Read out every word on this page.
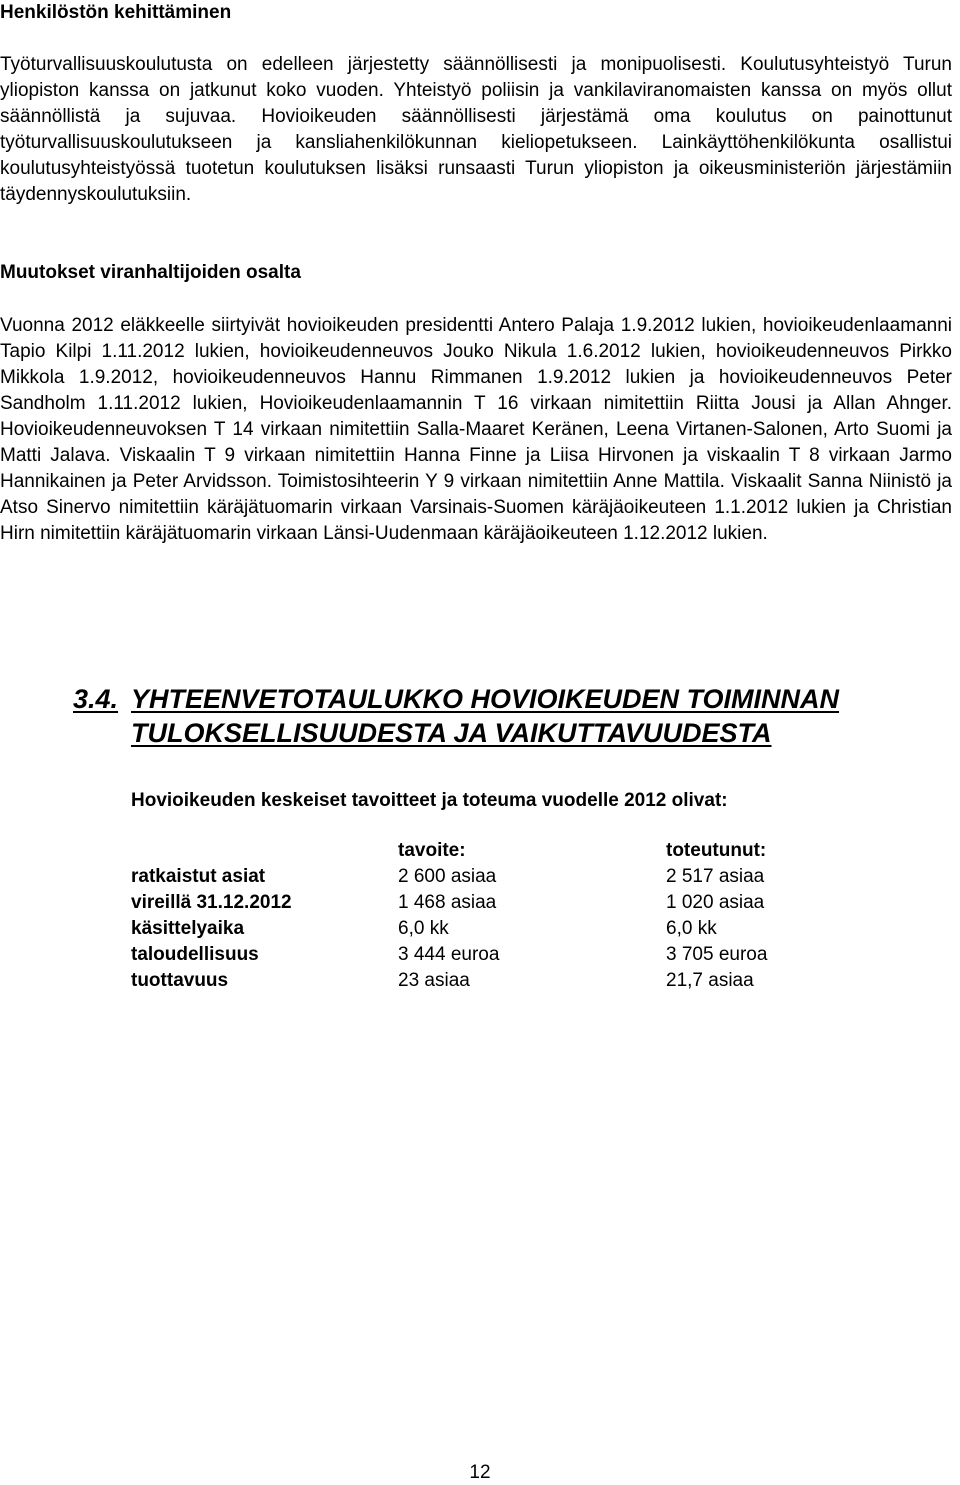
Henkilöstön kehittäminen

Työturvallisuuskoulutusta on edelleen järjestetty säännöllisesti ja monipuolisesti. Koulutusyhteistyö Turun yliopiston kanssa on jatkunut koko vuoden. Yhteistyö poliisin ja vankilaviranomaisten kanssa on myös ollut säännöllistä ja sujuvaa. Hovioikeuden säännöllisesti järjestämä oma koulutus on painottunut työturvallisuuskoulutukseen ja kansliahenkilökunnan kieliopetukseen. Lainkäyttöhenkilökunta osallistui koulutusyhteistyössä tuotetun koulutuksen lisäksi runsaasti Turun yliopiston ja oikeusministeriön järjestämiin täydennyskoulutuksiin.

Muutokset viranhaltijoiden osalta

Vuonna 2012 eläkkeelle siirtyivät hovioikeuden presidentti Antero Palaja 1.9.2012 lukien, hovioikeudenlaamanni Tapio Kilpi 1.11.2012 lukien, hovioikeudenneuvos Jouko Nikula 1.6.2012 lukien, hovioikeudenneuvos Pirkko Mikkola 1.9.2012, hovioikeudenneuvos Hannu Rimmanen 1.9.2012 lukien ja hovioikeudenneuvos Peter Sandholm 1.11.2012 lukien, Hovioikeudenlaamannin T 16 virkaan nimitettiin Riitta Jousi ja Allan Ahnger. Hovioikeudenneuvoksen T 14 virkaan nimitettiin Salla-Maaret Keränen, Leena Virtanen-Salonen, Arto Suomi ja Matti Jalava. Viskaalin T 9 virkaan nimitettiin Hanna Finne ja Liisa Hirvonen ja viskaalin T 8 virkaan Jarmo Hannikainen ja Peter Arvidsson. Toimistosihteerin Y 9 virkaan nimitettiin Anne Mattila. Viskaalit Sanna Niinistö ja Atso Sinervo nimitettiin käräjätuomarin virkaan Varsinais-Suomen käräjäoikeuteen 1.1.2012 lukien ja Christian Hirn nimitettiin käräjätuomarin virkaan Länsi-Uudenmaan käräjäoikeuteen 1.12.2012 lukien.

3.4. YHTEENVETOTAULUKKO HOVIOIKEUDEN TOIMINNAN TULOKSELLISUUDESTA JA VAIKUTTAVUUDESTA

Hovioikeuden keskeiset tavoitteet ja toteuma vuodelle 2012 olivat:

	tavoite:	toteutunut:
ratkaistut asiat	2 600 asiaa	2 517 asiaa
vireillä 31.12.2012	1 468 asiaa	1 020 asiaa
käsittelyaika	6,0 kk	6,0 kk
taloudellisuus	3 444 euroa	3 705 euroa
tuottavuus	23 asiaa	21,7 asiaa
12
